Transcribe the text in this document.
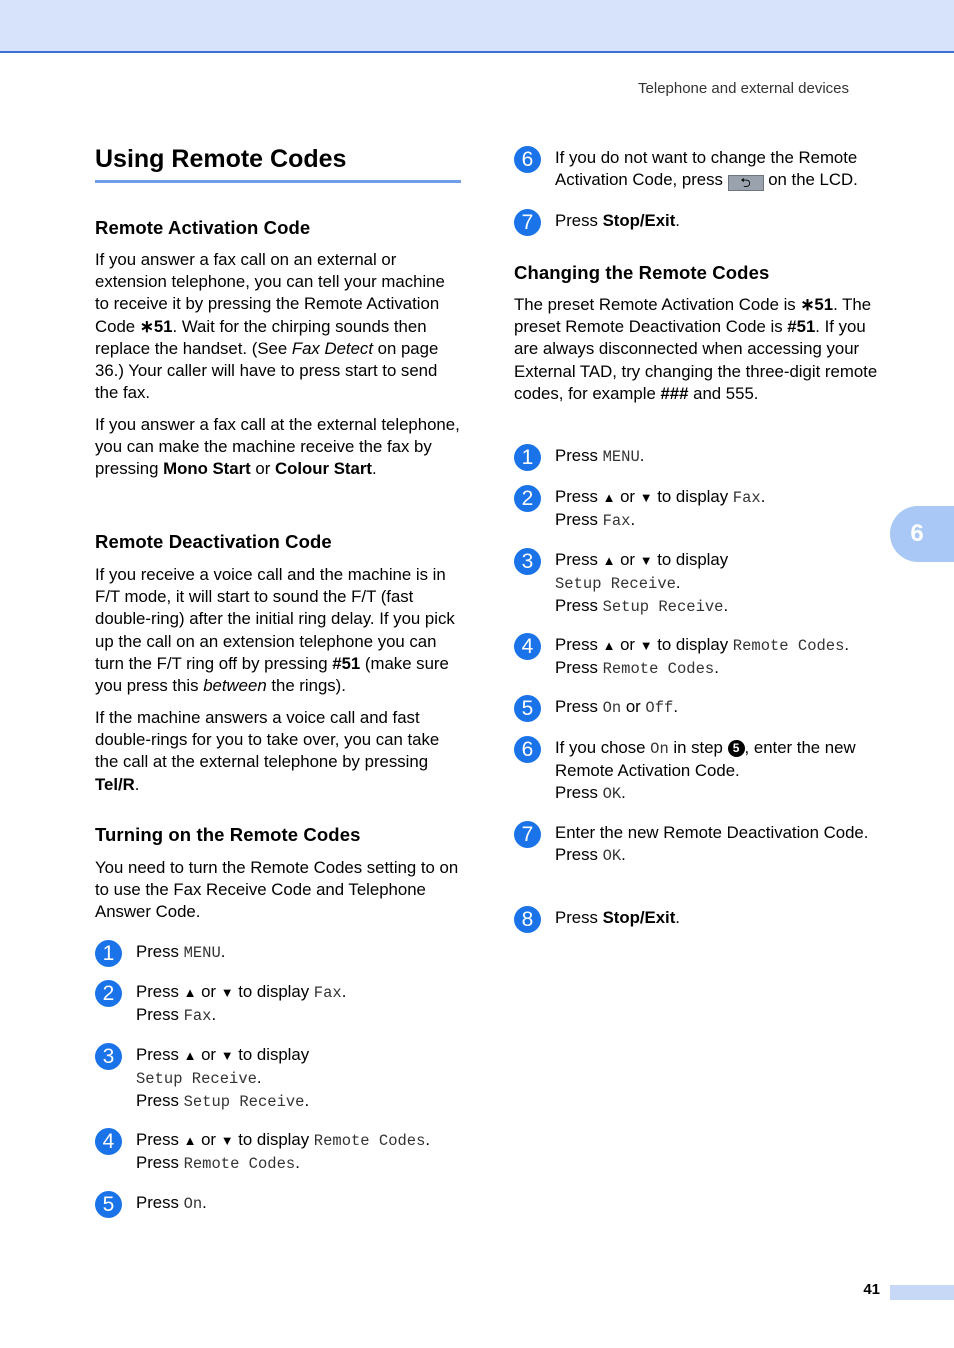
Telephone and external devices
6
Using Remote Codes
Remote Activation Code
If you answer a fax call on an external or extension telephone, you can tell your machine to receive it by pressing the Remote Activation Code ∗51. Wait for the chirping sounds then replace the handset. (See Fax Detect on page 36.) Your caller will have to press start to send the fax.
If you answer a fax call at the external telephone, you can make the machine receive the fax by pressing Mono Start or Colour Start.
Remote Deactivation Code
If you receive a voice call and the machine is in F/T mode, it will start to sound the F/T (fast double-ring) after the initial ring delay. If you pick up the call on an extension telephone you can turn the F/T ring off by pressing #51 (make sure you press this between the rings).
If the machine answers a voice call and fast double-rings for you to take over, you can take the call at the external telephone by pressing Tel/R.
Turning on the Remote Codes
You need to turn the Remote Codes setting to on to use the Fax Receive Code and Telephone Answer Code.
1	Press MENU.
2	Press ▲ or ▼ to display Fax.
Press Fax.
3	Press ▲ or ▼ to display
Setup Receive.
Press Setup Receive.
4	Press ▲ or ▼ to display Remote Codes.
Press Remote Codes.
5	Press On.
6	If you do not want to change the Remote Activation Code, press ⮌ on the LCD.
7	Press Stop/Exit.
Changing the Remote Codes
The preset Remote Activation Code is ∗51. The preset Remote Deactivation Code is #51. If you are always disconnected when accessing your External TAD, try changing the three-digit remote codes, for example ### and 555.
1	Press MENU.
2	Press ▲ or ▼ to display Fax.
Press Fax.
3	Press ▲ or ▼ to display
Setup Receive.
Press Setup Receive.
4	Press ▲ or ▼ to display Remote Codes.
Press Remote Codes.
5	Press On or Off.
6	If you chose On in step 5 , enter the new Remote Activation Code.
Press OK.
7	Enter the new Remote Deactivation Code.
Press OK.
8	Press Stop/Exit.
41
